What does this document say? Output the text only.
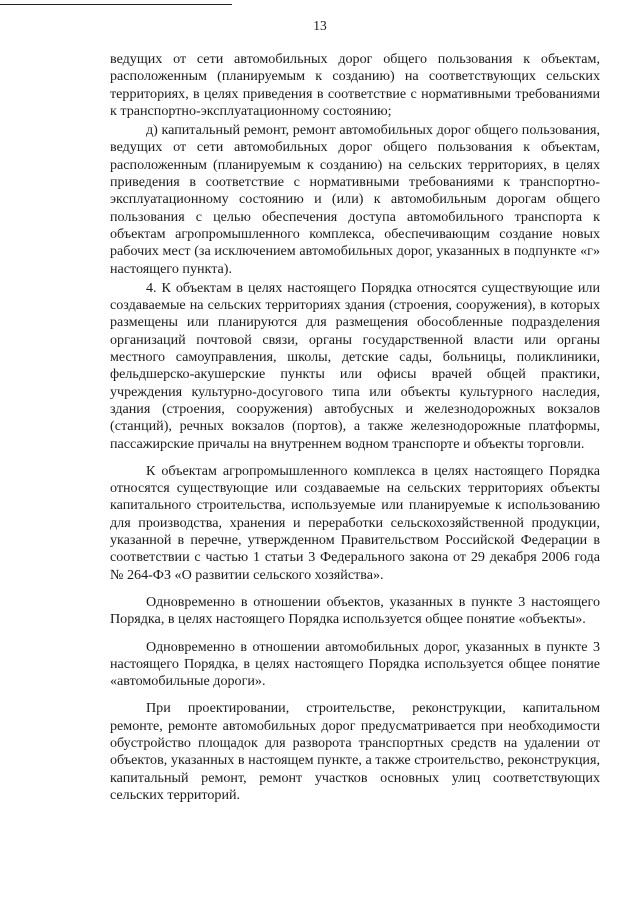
13

ведущих от сети автомобильных дорог общего пользования к объектам, расположенным (планируемым к созданию) на соответствующих сельских территориях, в целях приведения в соответствие с нормативными требованиями к транспортно-эксплуатационному состоянию;

д) капитальный ремонт, ремонт автомобильных дорог общего пользования, ведущих от сети автомобильных дорог общего пользования к объектам, расположенным (планируемым к созданию) на сельских территориях, в целях приведения в соответствие с нормативными требованиями к транспортно-эксплуатационному состоянию и (или) к автомобильным дорогам общего пользования с целью обеспечения доступа автомобильного транспорта к объектам агропромышленного комплекса, обеспечивающим создание новых рабочих мест (за исключением автомобильных дорог, указанных в подпункте «г» настоящего пункта).

4. К объектам в целях настоящего Порядка относятся существующие или создаваемые на сельских территориях здания (строения, сооружения), в которых размещены или планируются для размещения обособленные подразделения организаций почтовой связи, органы государственной власти или органы местного самоуправления, школы, детские сады, больницы, поликлиники, фельдшерско-акушерские пункты или офисы врачей общей практики, учреждения культурно-досугового типа или объекты культурного наследия, здания (строения, сооружения) автобусных и железнодорожных вокзалов (станций), речных вокзалов (портов), а также железнодорожные платформы, пассажирские причалы на внутреннем водном транспорте и объекты торговли.

К объектам агропромышленного комплекса в целях настоящего Порядка относятся существующие или создаваемые на сельских территориях объекты капитального строительства, используемые или планируемые к использованию для производства, хранения и переработки сельскохозяйственной продукции, указанной в перечне, утвержденном Правительством Российской Федерации в соответствии с частью 1 статьи 3 Федерального закона от 29 декабря 2006 года № 264-ФЗ «О развитии сельского хозяйства».

Одновременно в отношении объектов, указанных в пункте 3 настоящего Порядка, в целях настоящего Порядка используется общее понятие «объекты».

Одновременно в отношении автомобильных дорог, указанных в пункте 3 настоящего Порядка, в целях настоящего Порядка используется общее понятие «автомобильные дороги».

При проектировании, строительстве, реконструкции, капитальном ремонте, ремонте автомобильных дорог предусматривается при необходимости обустройство площадок для разворота транспортных средств на удалении от объектов, указанных в настоящем пункте, а также строительство, реконструкция, капитальный ремонт, ремонт участков основных улиц соответствующих сельских территорий.
